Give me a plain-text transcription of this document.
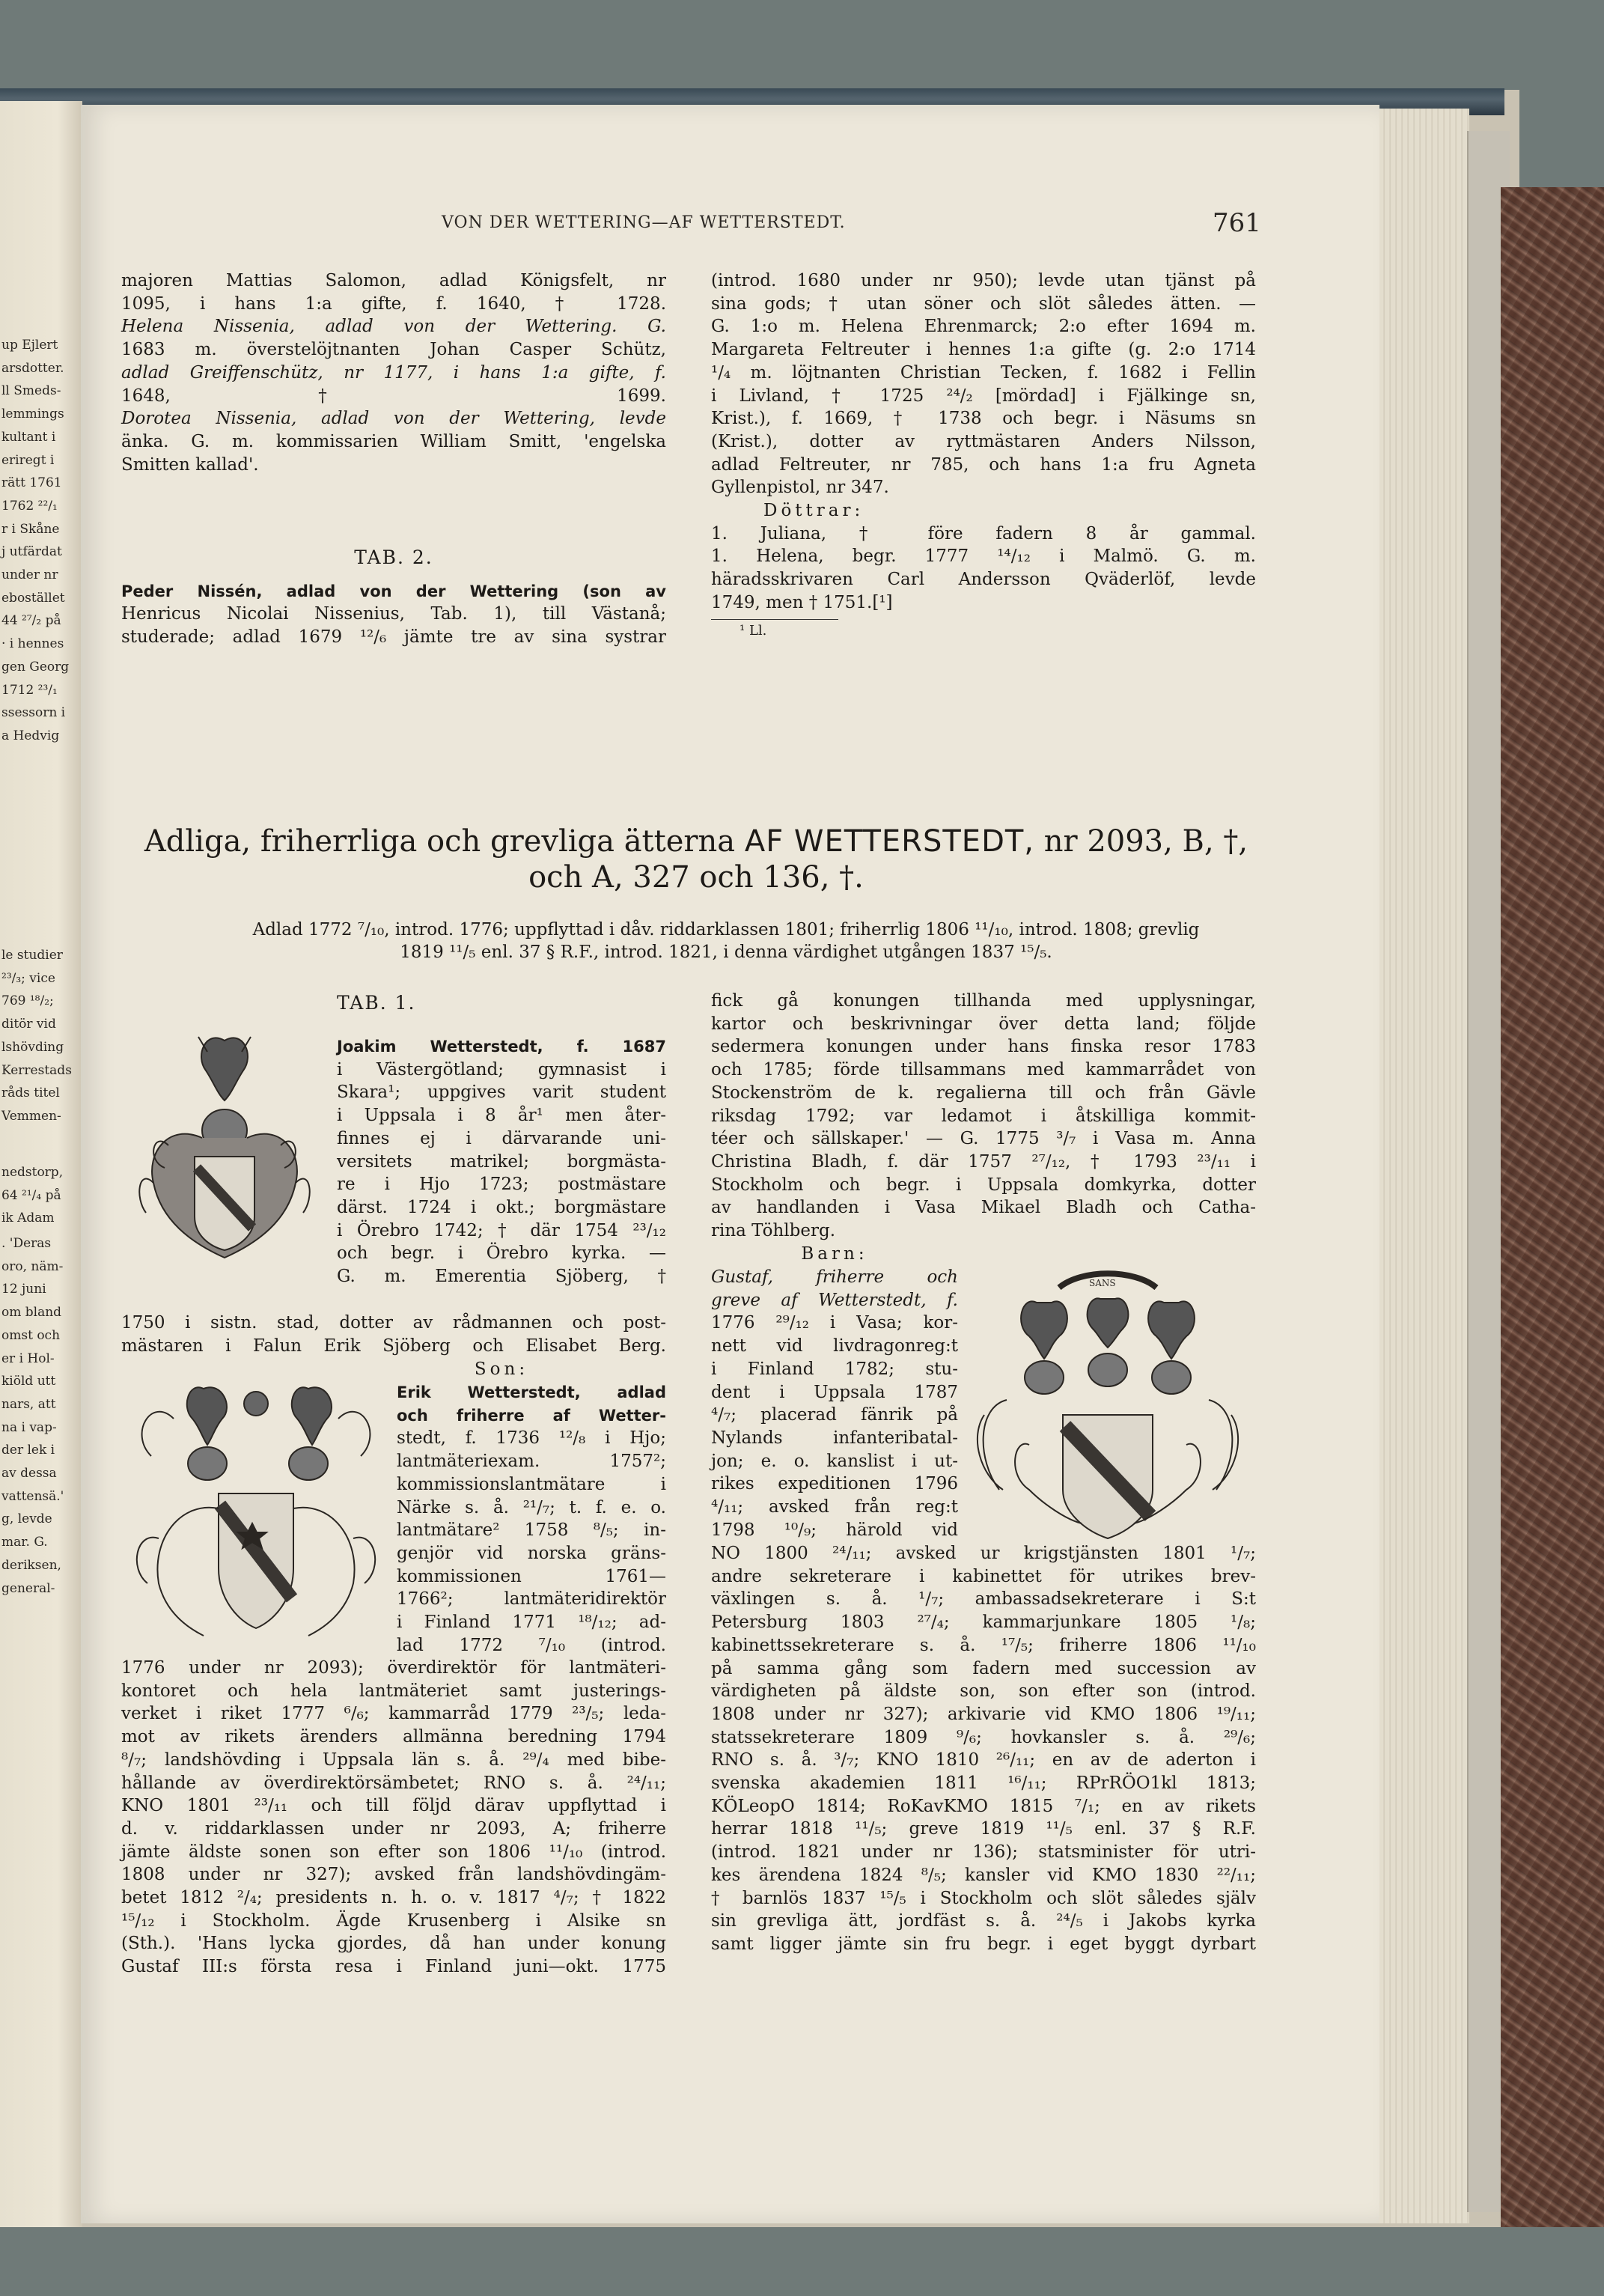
up Ejlert
arsdotter.
ll Smeds-
lemmings
kultant i
eriregt i
rätt 1761
1762 ²²/₁
r i Skåne
j utfärdat
under nr
ebostället
44 ²⁷/₂ på
· i hennes
gen Georg
1712 ²³/₁
ssessorn i
a Hedvig
le studier
²³/₃; vice
769 ¹⁸/₂;
ditör vid
lshövding
Kerrestads
råds titel
Vemmen-
nedstorp,
64 ²¹/₄ på
ik Adam
. 'Deras
oro, näm-
12 juni
om bland
omst och
er i Hol-
kiöld utt
nars, att
na i vap-
der lek i
av dessa
vattensä.'
g, levde
mar. G.
deriksen,
general-
VON DER WETTERING—AF WETTERSTEDT.	761

majoren Mattias Salomon, adlad Königsfelt, nr

1095, i hans 1:a gifte, f. 1640, † 1728.

Helena Nissenia, adlad von der Wettering. G.

1683 m. överstelöjtnanten Johan Casper Schütz,

adlad Greiffenschütz, nr 1177, i hans 1:a gifte, f.

1648, † 1699.

Dorotea Nissenia, adlad von der Wettering, levde

änka. G. m. kommissarien William Smitt, 'engelska

Smitten kallad'.

TAB. 2.

Peder Nissén, adlad von der Wettering (son av

Henricus Nicolai Nissenius, Tab. 1), till Västanå;

studerade; adlad 1679 ¹²/₆ jämte tre av sina systrar

(introd. 1680 under nr 950); levde utan tjänst på

sina gods; † utan söner och slöt således ätten. —

G. 1:o m. Helena Ehrenmarck; 2:o efter 1694 m.

Margareta Feltreuter i hennes 1:a gifte (g. 2:o 1714

¹/₄ m. löjtnanten Christian Tecken, f. 1682 i Fellin

i Livland, † 1725 ²⁴/₂ [mördad] i Fjälkinge sn,

Krist.), f. 1669, † 1738 och begr. i Näsums sn

(Krist.), dotter av ryttmästaren Anders Nilsson,

adlad Feltreuter, nr 785, och hans 1:a fru Agneta

Gyllenpistol, nr 347.

Döttrar:

1. Juliana, † före fadern 8 år gammal.

1. Helena, begr. 1777 ¹⁴/₁₂ i Malmö. G. m.

häradsskrivaren Carl Andersson Qväderlöf, levde

1749, men † 1751.[¹]

¹ Ll.

Adliga, friherrliga och grevliga ätterna AF WETTERSTEDT, nr 2093, B, †,
och A, 327 och 136, †.
Adlad 1772 ⁷/₁₀, introd. 1776; uppflyttad i dåv. riddarklassen 1801; friherrlig 1806 ¹¹/₁₀, introd. 1808; grevlig
1819 ¹¹/₅ enl. 37 § R.F., introd. 1821, i denna värdighet utgången 1837 ¹⁵/₅.

TAB. 1.

Joakim Wetterstedt, f. 1687

i Västergötland; gymnasist i

Skara¹; uppgives varit student

i Uppsala i 8 år¹ men åter-

finnes ej i därvarande uni-

versitets matrikel; borgmästa-

re i Hjo 1723; postmästare

därst. 1724 i okt.; borgmästare

i Örebro 1742; † där 1754 ²³/₁₂

och begr. i Örebro kyrka. —

G. m. Emerentia Sjöberg, †

1750 i sistn. stad, dotter av rådmannen och post-

mästaren i Falun Erik Sjöberg och Elisabet Berg.

Son:

Erik Wetterstedt, adlad

och friherre af Wetter-

stedt, f. 1736 ¹²/₈ i Hjo;

lantmäteriexam. 1757²;

kommissionslantmätare i

Närke s. å. ²¹/₇; t. f. e. o.

lantmätare² 1758 ⁸/₅; in-

genjör vid norska gräns-

kommissionen 1761—

1766²; lantmäteridirektör

i Finland 1771 ¹⁸/₁₂; ad-

lad 1772 ⁷/₁₀ (introd.

1776 under nr 2093); överdirektör för lantmäteri-

kontoret och hela lantmäteriet samt justerings-

verket i riket 1777 ⁶/₆; kammarråd 1779 ²³/₅; leda-

mot av rikets ärenders allmänna beredning 1794

⁸/₇; landshövding i Uppsala län s. å. ²⁹/₄ med bibe-

hållande av överdirektörsämbetet; RNO s. å. ²⁴/₁₁;

KNO 1801 ²³/₁₁ och till följd därav uppflyttad i

d. v. riddarklassen under nr 2093, A; friherre

jämte äldste sonen son efter son 1806 ¹¹/₁₀ (introd.

1808 under nr 327); avsked från landshövdingäm-

betet 1812 ²/₄; presidents n. h. o. v. 1817 ⁴/₇; † 1822

¹⁵/₁₂ i Stockholm. Ägde Krusenberg i Alsike sn

(Sth.). 'Hans lycka gjordes, då han under konung

Gustaf III:s första resa i Finland juni—okt. 1775

fick gå konungen tillhanda med upplysningar,

kartor och beskrivningar över detta land; följde

sedermera konungen under hans finska resor 1783

och 1785; förde tillsammans med kammarrådet von

Stockenström de k. regalierna till och från Gävle

riksdag 1792; var ledamot i åtskilliga kommit-

téer och sällskaper.' — G. 1775 ³/₇ i Vasa m. Anna

Christina Bladh, f. där 1757 ²⁷/₁₂, † 1793 ²³/₁₁ i

Stockholm och begr. i Uppsala domkyrka, dotter

av handlanden i Vasa Mikael Bladh och Catha-

rina Töhlberg.

Barn:

Gustaf, friherre och

greve af Wetterstedt, f.

1776 ²⁹/₁₂ i Vasa; kor-

nett vid livdragonreg:t

i Finland 1782; stu-

dent i Uppsala 1787

⁴/₇; placerad fänrik på

Nylands infanteribatal-

jon; e. o. kanslist i ut-

rikes expeditionen 1796

⁴/₁₁; avsked från reg:t

1798 ¹⁰/₉; härold vid

NO 1800 ²⁴/₁₁; avsked ur krigstjänsten 1801 ¹/₇;

andre sekreterare i kabinettet för utrikes brev-

växlingen s. å. ¹/₇; ambassadsekreterare i S:t

Petersburg 1803 ²⁷/₄; kammarjunkare 1805 ¹/₈;

kabinettssekreterare s. å. ¹⁷/₅; friherre 1806 ¹¹/₁₀

på samma gång som fadern med succession av

värdigheten på äldste son, son efter son (introd.

1808 under nr 327); arkivarie vid KMO 1806 ¹⁹/₁₁;

statssekreterare 1809 ⁹/₆; hovkansler s. å. ²⁹/₆;

RNO s. å. ³/₇; KNO 1810 ²⁶/₁₁; en av de aderton i

svenska akademien 1811 ¹⁶/₁₁; RPrRÖO1kl 1813;

KÖLeopO 1814; RoKavKMO 1815 ⁷/₁; en av rikets

herrar 1818 ¹¹/₅; greve 1819 ¹¹/₅ enl. 37 § R.F.

(introd. 1821 under nr 136); statsminister för utri-

kes ärendena 1824 ⁸/₅; kansler vid KMO 1830 ²²/₁₁;

† barnlös 1837 ¹⁵/₅ i Stockholm och slöt således själv

sin grevliga ätt, jordfäst s. å. ²⁴/₅ i Jakobs kyrka

samt ligger jämte sin fru begr. i eget byggt dyrbart

SANS
